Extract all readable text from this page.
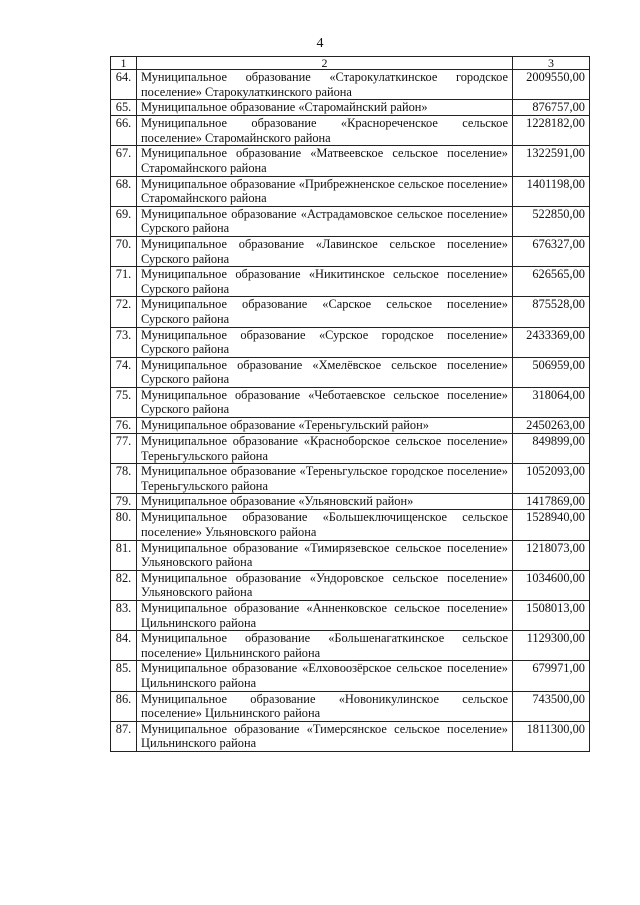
4
1	2	3
64.	Муниципальное образование «Старокулаткинское городское поселение» Старокулаткинского района	2009550,00
65.	Муниципальное образование «Старомайнский район»	876757,00
66.	Муниципальное образование «Краснореченское сельское поселение» Старомайнского района	1228182,00
67.	Муниципальное образование «Матвеевское сельское поселение» Старомайнского района	1322591,00
68.	Муниципальное образование «Прибрежненское сельское поселение» Старомайнского района	1401198,00
69.	Муниципальное образование «Астрадамовское сельское поселение» Сурского района	522850,00
70.	Муниципальное образование «Лавинское сельское поселение» Сурского района	676327,00
71.	Муниципальное образование «Никитинское сельское поселение» Сурского района	626565,00
72.	Муниципальное образование «Сарское сельское поселение» Сурского района	875528,00
73.	Муниципальное образование «Сурское городское поселение» Сурского района	2433369,00
74.	Муниципальное образование «Хмелёвское сельское поселение» Сурского района	506959,00
75.	Муниципальное образование «Чеботаевское сельское поселение» Сурского района	318064,00
76.	Муниципальное образование «Тереньгульский район»	2450263,00
77.	Муниципальное образование «Красноборское сельское поселение» Тереньгульского района	849899,00
78.	Муниципальное образование «Тереньгульское городское поселение» Тереньгульского района	1052093,00
79.	Муниципальное образование «Ульяновский район»	1417869,00
80.	Муниципальное образование «Большеключищенское сельское поселение» Ульяновского района	1528940,00
81.	Муниципальное образование «Тимирязевское сельское поселение» Ульяновского района	1218073,00
82.	Муниципальное образование «Ундоровское сельское поселение» Ульяновского района	1034600,00
83.	Муниципальное образование «Анненковское сельское поселение» Цильнинского района	1508013,00
84.	Муниципальное образование «Большенагаткинское сельское поселение» Цильнинского района	1129300,00
85.	Муниципальное образование «Елховоозёрское сельское поселение» Цильнинского района	679971,00
86.	Муниципальное образование «Новоникулинское сельское поселение» Цильнинского района	743500,00
87.	Муниципальное образование «Тимерсянское сельское поселение» Цильнинского района	1811300,00
